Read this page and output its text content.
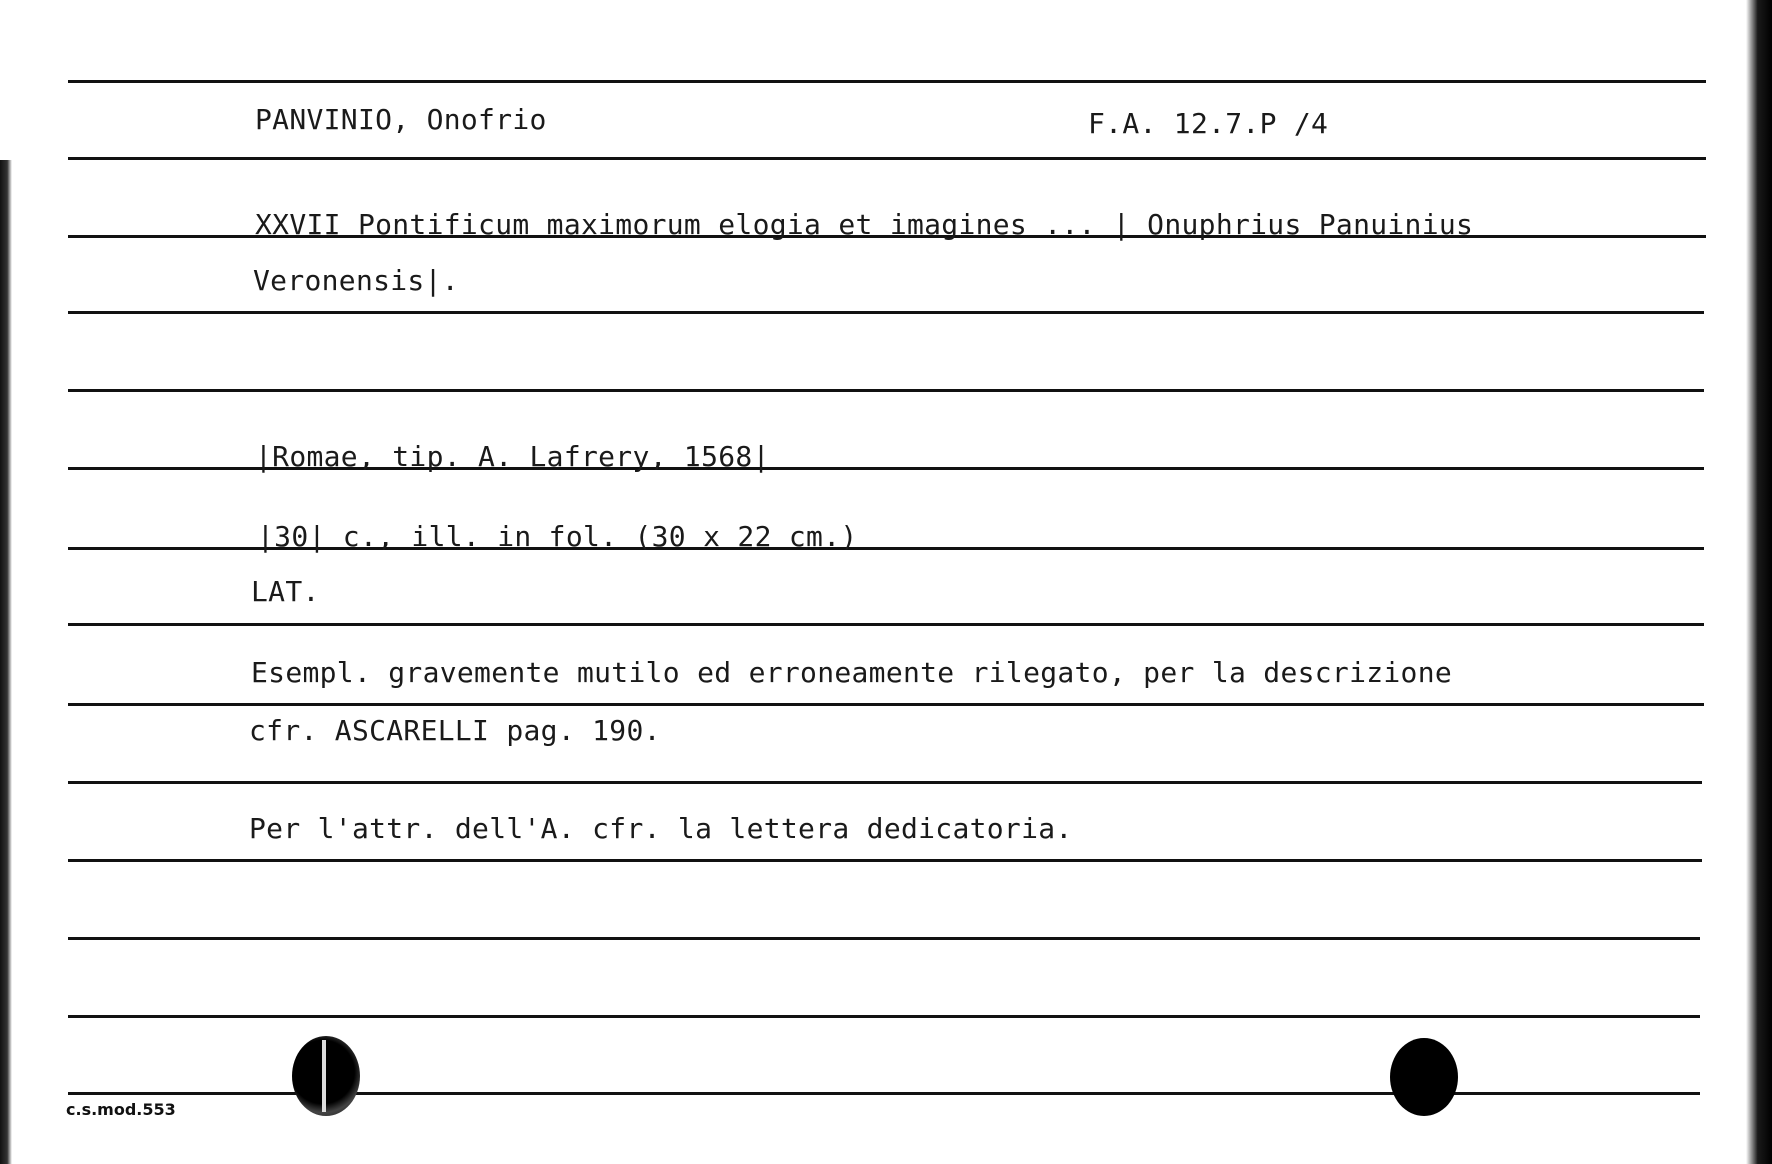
PANVINIO, Onofrio	F.A. 12.7.P /4
XXVII Pontificum maximorum elogia et imagines ... | Onuphrius Panuinius
Veronensis|.
|Romae, tip. A. Lafrery, 1568|
|30| c., ill. in fol. (30 x 22 cm.)
LAT.
Esempl. gravemente mutilo ed erroneamente rilegato, per la descrizione
cfr. ASCARELLI pag. 190.
Per l'attr. dell'A. cfr. la lettera dedicatoria.
c.s.mod.553
